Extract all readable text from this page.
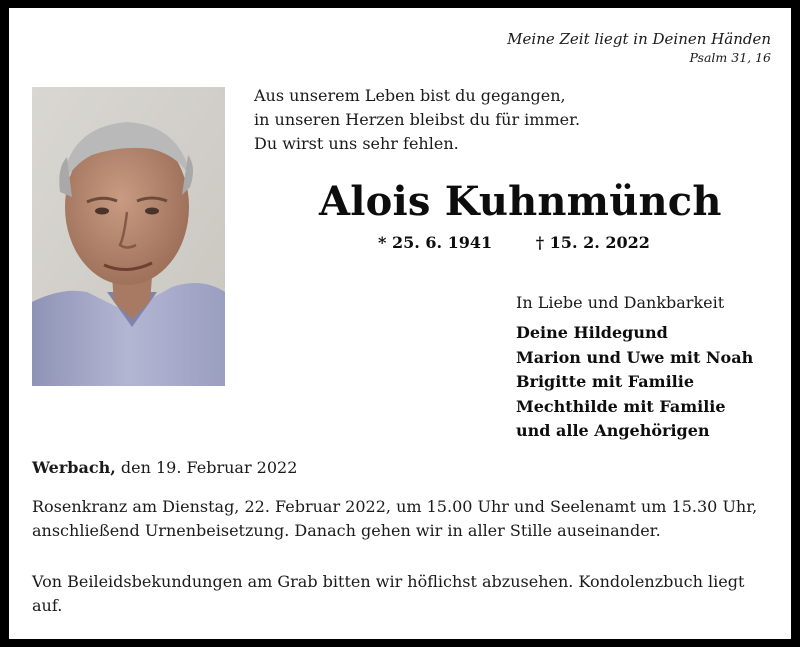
Meine Zeit liegt in Deinen Händen
Psalm 31, 16
Aus unserem Leben bist du gegangen,
in unseren Herzen bleibst du für immer.
Du wirst uns sehr fehlen.
Alois Kuhnmünch
* 25. 6. 1941	† 15. 2. 2022
In Liebe und Dankbarkeit
Deine Hildegund
Marion und Uwe mit Noah
Brigitte mit Familie
Mechthilde mit Familie
und alle Angehörigen
Werbach, den 19. Februar 2022
Rosenkranz am Dienstag, 22. Februar 2022, um 15.00 Uhr und Seelenamt um 15.30 Uhr, anschließend Urnenbeisetzung. Danach gehen wir in aller Stille auseinander.
Von Beileidsbekundungen am Grab bitten wir höflichst abzusehen. Kondolenzbuch liegt auf.
